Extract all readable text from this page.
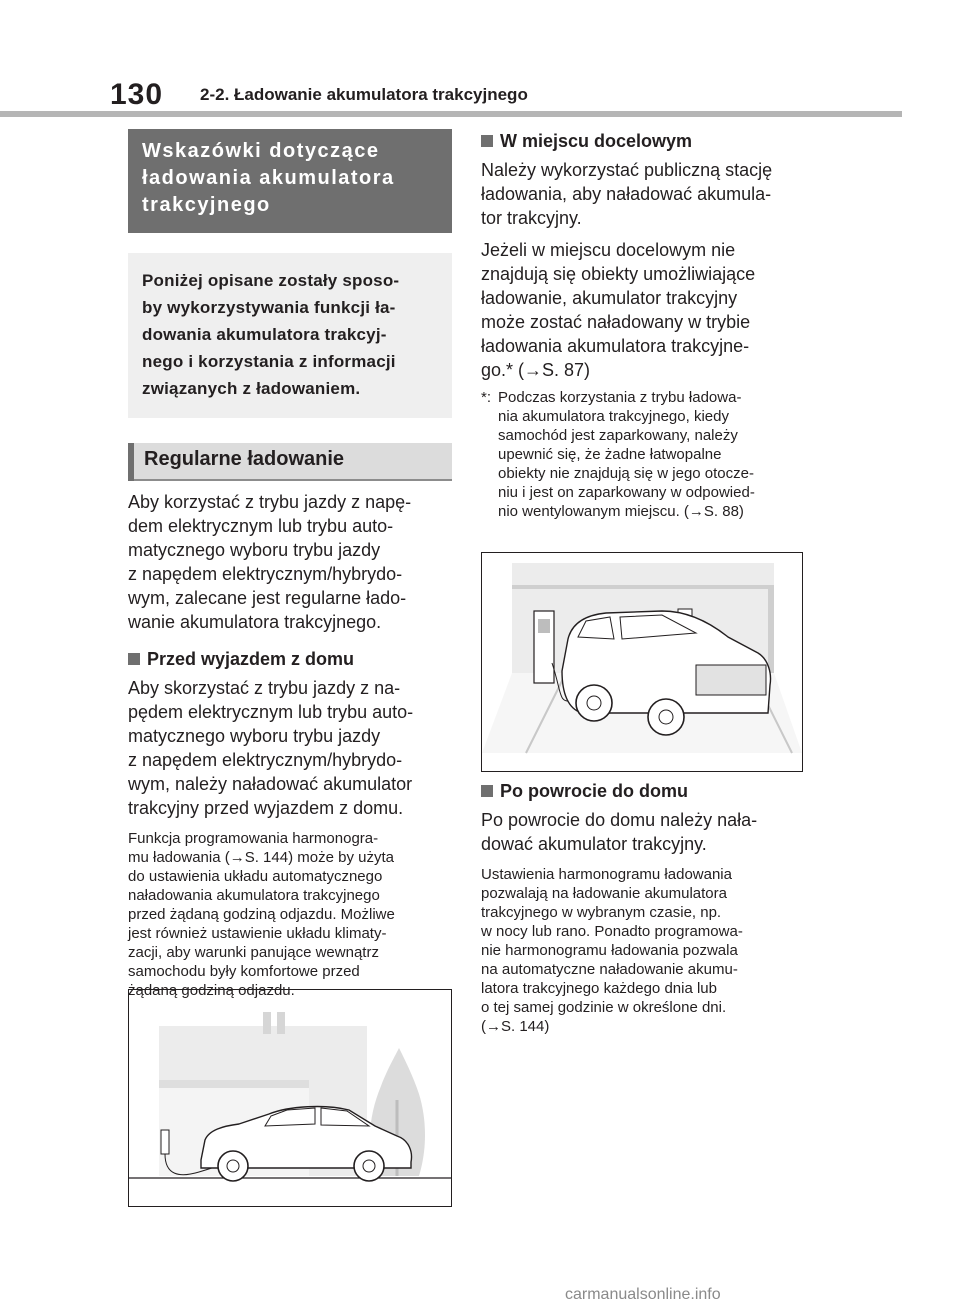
130 2-2. Ładowanie akumulatora trakcyjnego
Wskazówki dotyczące
ładowania akumulatora
trakcyjnego
Poniżej opisane zostały sposo-
by wykorzystywania funkcji ła-
dowania akumulatora trakcyj-
nego i korzystania z informacji
związanych z ładowaniem.
Regularne ładowanie

Aby korzystać z trybu jazdy z napę-

dem elektrycznym lub trybu auto-

matycznego wyboru trybu jazdy

z napędem elektrycznym/hybrydo-

wym, zalecane jest regularne łado-

wanie akumulatora trakcyjnego.

Przed wyjazdem z domu

Aby skorzystać z trybu jazdy z na-

pędem elektrycznym lub trybu auto-

matycznego wyboru trybu jazdy

z napędem elektrycznym/hybrydo-

wym, należy naładować akumulator

trakcyjny przed wyjazdem z domu.

Funkcja programowania harmonogra-

mu ładowania (→S. 144) może by użyta

do ustawienia układu automatycznego

naładowania akumulatora trakcyjnego

przed żądaną godziną odjazdu. Możliwe

jest również ustawienie układu klimaty-

zacji, aby warunki panujące wewnątrz

samochodu były komfortowe przed

żądaną godziną odjazdu.

W miejscu docelowym

Należy wykorzystać publiczną stację

ładowania, aby naładować akumula-

tor trakcyjny.

Jeżeli w miejscu docelowym nie

znajdują się obiekty umożliwiające

ładowanie, akumulator trakcyjny

może zostać naładowany w trybie

ładowania akumulatora trakcyjne-

go.* (→S. 87)

*: Podczas korzystania z trybu ładowa-
nia akumulatora trakcyjnego, kiedy
samochód jest zaparkowany, należy
upewnić się, że żadne łatwopalne
obiekty nie znajdują się w jego otocze-
niu i jest on zaparkowany w odpowied-
nio wentylowanym miejscu. (→S. 88)
Po powrocie do domu

Po powrocie do domu należy nała-

dować akumulator trakcyjny.

Ustawienia harmonogramu ładowania

pozwalają na ładowanie akumulatora

trakcyjnego w wybranym czasie, np.

w nocy lub rano. Ponadto programowa-

nie harmonogramu ładowania pozwala

na automatyczne naładowanie akumu-

latora trakcyjnego każdego dnia lub

o tej samej godzinie w określone dni.

(→S. 144)

carmanualsonline.info
